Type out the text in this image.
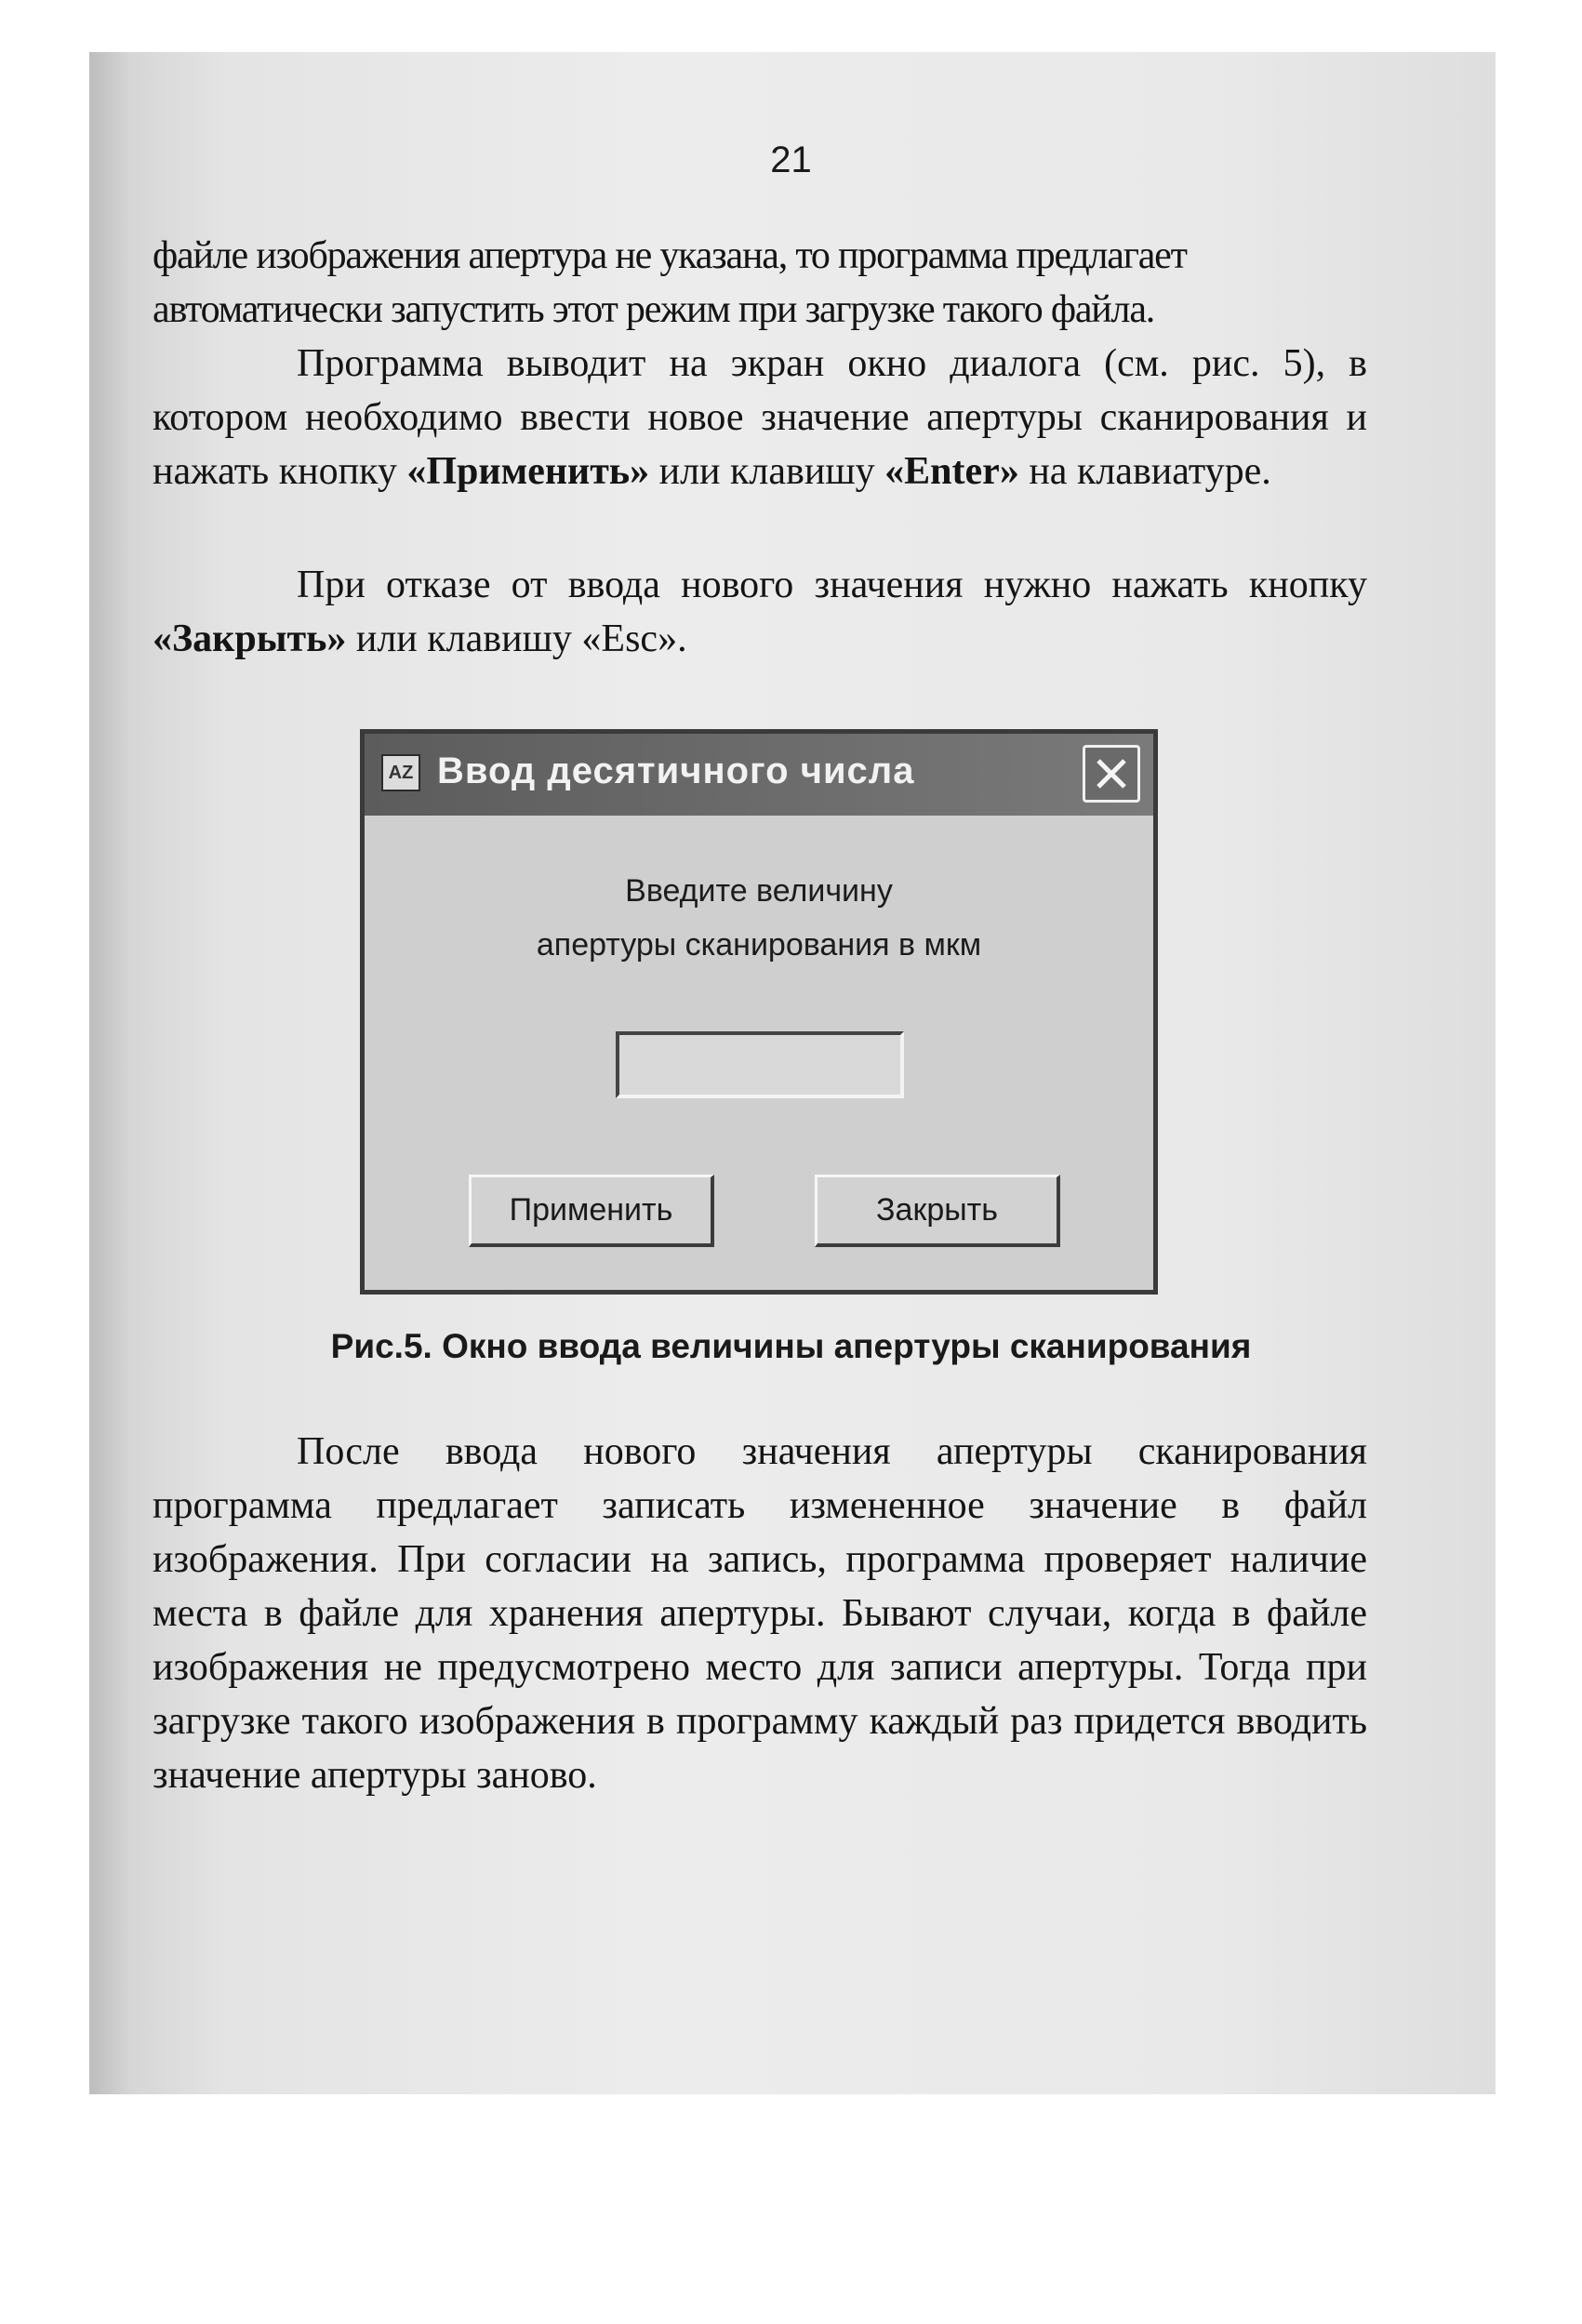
21

файле изображения апертура не указана, то программа предлагает

автоматически запустить этот режим при загрузке такого файла.

Программа выводит на экран окно диалога (см. рис. 5), в котором необходимо ввести новое значение апертуры сканирования и нажать кнопку «Применить» или клавишу «Enter» на клавиатуре.

При отказе от ввода нового значения нужно нажать кнопку «Закрыть» или клавишу «Esc».

AZ Ввод десятичного числа
Введите величину
апертуры сканирования в мкм
Применить	Закрыть
Рис.5. Окно ввода величины апертуры сканирования

После ввода нового значения апертуры сканирования программа предлагает записать измененное значение в файл изображения. При согласии на запись, программа проверяет наличие места в файле для хранения апертуры. Бывают случаи, когда в файле изображения не предусмотрено место для записи апертуры. Тогда при загрузке такого изображения в программу каждый раз придется вводить значение апертуры заново.
